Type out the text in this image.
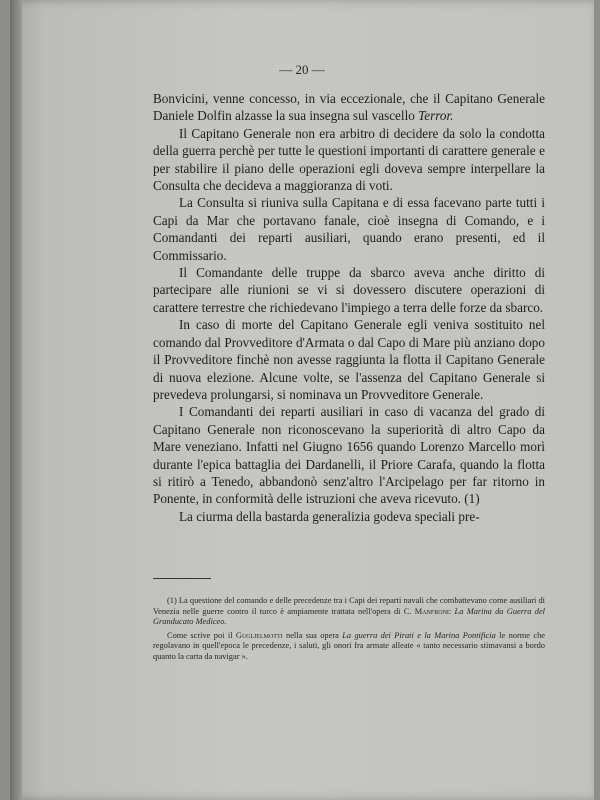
— 20 —

Bonvicini, venne concesso, in via eccezionale, che il Capitano Generale Daniele Dolfin alzasse la sua insegna sul vascello Terror.

Il Capitano Generale non era arbitro di decidere da solo la condotta della guerra perchè per tutte le questioni importanti di carattere generale e per stabilire il piano delle operazioni egli doveva sempre interpellare la Consulta che decideva a maggioranza di voti.

La Consulta si riuniva sulla Capitana e di essa facevano parte tutti i Capi da Mar che portavano fanale, cioè insegna di Comando, e i Comandanti dei reparti ausiliari, quando erano presenti, ed il Commissario.

Il Comandante delle truppe da sbarco aveva anche diritto di partecipare alle riunioni se vi si dovessero discutere operazioni di carattere terrestre che richiedevano l'impiego a terra delle forze da sbarco.

In caso di morte del Capitano Generale egli veniva sostituito nel comando dal Provveditore d'Armata o dal Capo di Mare più anziano dopo il Provveditore finchè non avesse raggiunta la flotta il Capitano Generale di nuova elezione. Alcune volte, se l'assenza del Capitano Generale si prevedeva prolungarsi, si nominava un Provveditore Generale.

I Comandanti dei reparti ausiliari in caso di vacanza del grado di Capitano Generale non riconoscevano la superiorità di altro Capo da Mare veneziano. Infatti nel Giugno 1656 quando Lorenzo Marcello morì durante l'epica battaglia dei Dardanelli, il Priore Carafa, quando la flotta si ritirò a Tenedo, abbandonò senz'altro l'Arcipelago per far ritorno in Ponente, in conformità delle istruzioni che aveva ricevuto. (1)

La ciurma della bastarda generalizia godeva speciali pre-

(1) La questione del comando e delle precedenze tra i Capi dei reparti navali che combattevano come ausiliari di Venezia nelle guerre contro il turco è ampiamente trattata nell'opera di C. Manfroni: La Marina da Guerra del Granducato Mediceo.

Come scrive poi il Guglielmotti nella sua opera La guerra dei Pirati e la Marina Pontificia le norme che regolavano in quell'epoca le precedenze, i saluti, gli onori fra armate alleate « tanto necessario stimavansi a bordo quanto la carta da navigar ».
